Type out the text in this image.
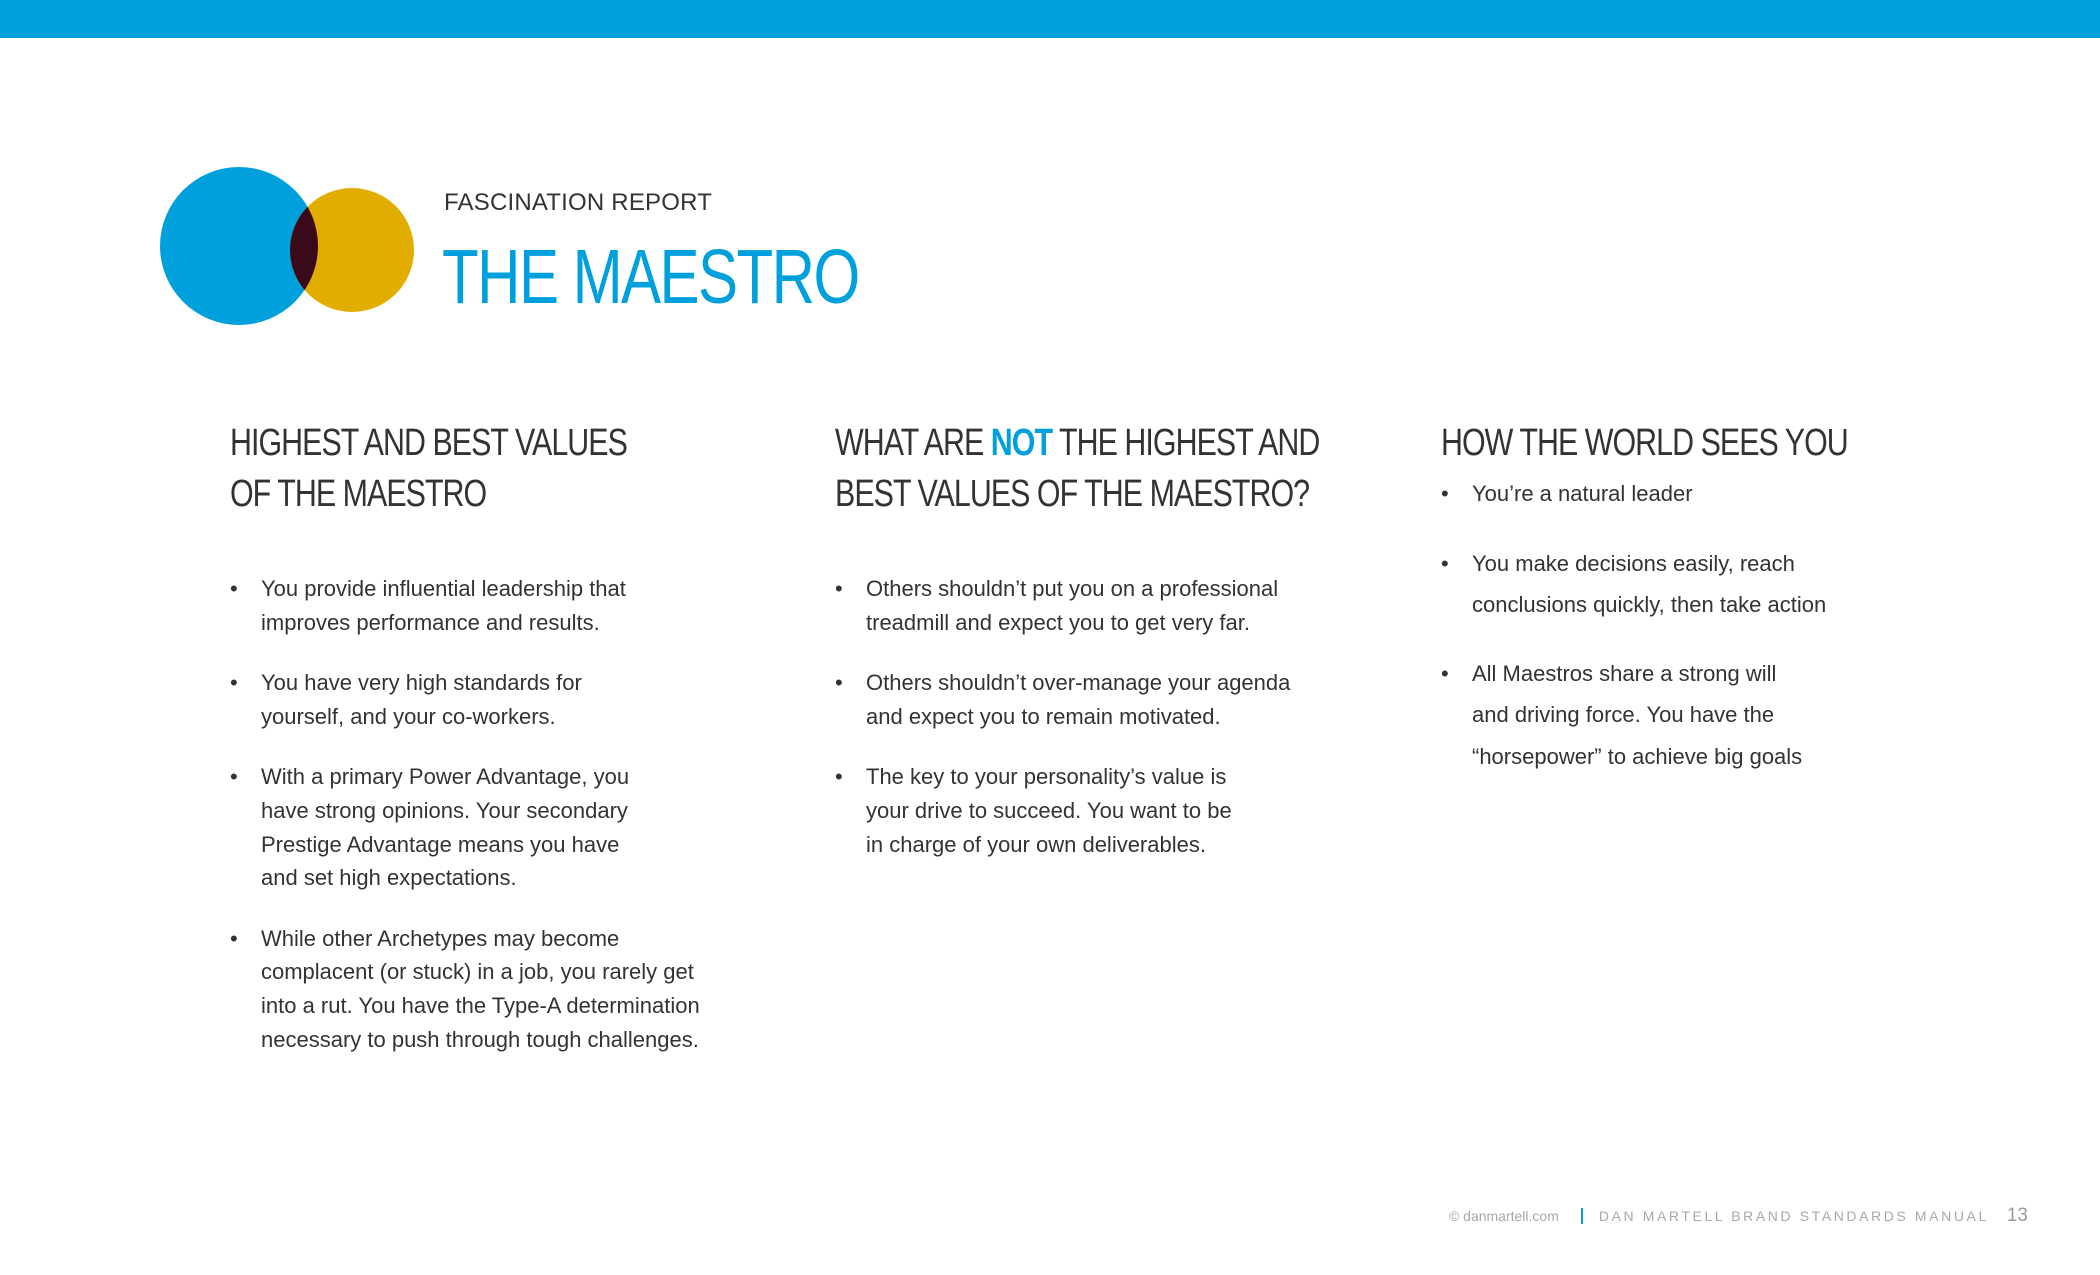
FASCINATION REPORT
THE MAESTRO
HIGHEST AND BEST VALUES
OF THE MAESTRO
• You provide influential leadership that
improves performance and results.
• You have very high standards for
yourself, and your co-workers.
• With a primary Power Advantage, you
have strong opinions. Your secondary
Prestige Advantage means you have
and set high expectations.
• While other Archetypes may become
complacent (or stuck) in a job, you rarely get
into a rut. You have the Type-A determination
necessary to push through tough challenges.
WHAT ARE NOT THE HIGHEST AND
BEST VALUES OF THE MAESTRO?
• Others shouldn’t put you on a professional
treadmill and expect you to get very far.
• Others shouldn’t over-manage your agenda
and expect you to remain motivated.
• The key to your personality’s value is
your drive to succeed. You want to be
in charge of your own deliverables.
HOW THE WORLD SEES YOU
• You’re a natural leader
• You make decisions easily, reach
conclusions quickly, then take action
• All Maestros share a strong will
and driving force. You have the
“horsepower” to achieve big goals
© danmartell.com	DAN MARTELL BRAND STANDARDS MANUAL 13
